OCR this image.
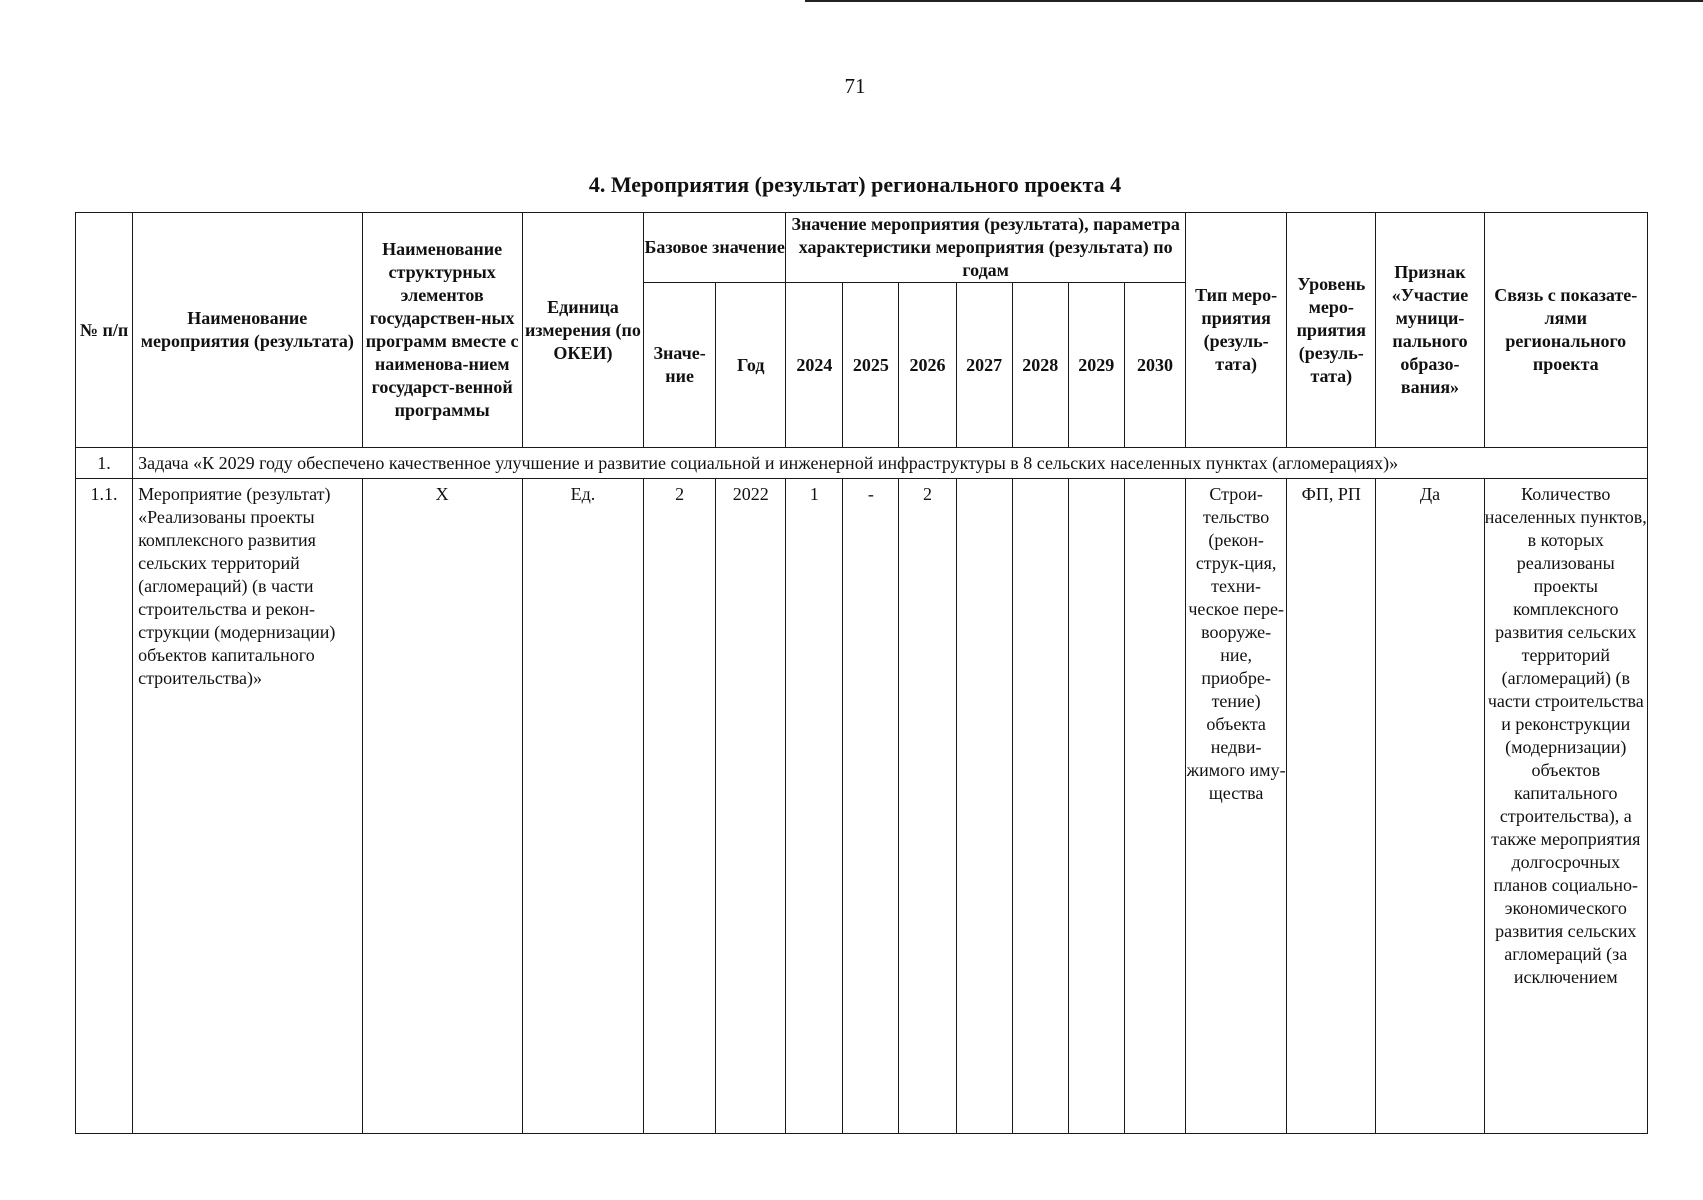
71
4. Мероприятия (результат) регионального проекта 4
№ п/п	Наименование мероприятия (результата)	Наименование структурных элементов государствен-ных программ вместе с наименова-нием государст-венной программы	Единица измерения (по ОКЕИ)	Базовое значение		Значение мероприятия (результата), параметра характеристики мероприятия (результата) по годам							Тип меро-приятия (резуль-тата)	Уровень меро-приятия (резуль-тата)	Признак «Участие муници-пального образо-вания»	Связь с показате-лями регионального проекта
				Значе-ние	Год	2024	2025	2026	2027	2028	2029	2030				
1.	Задача «К 2029 году обеспечено качественное улучшение и развитие социальной и инженерной инфраструктуры в 8 сельских населенных пунктах (агломерациях)»															
1.1.	Мероприятие (результат) «Реализованы проекты комплексного развития сельских территорий (агломераций) (в части строительства и рекон-струкции (модернизации) объектов капитального строительства)»	Х	Ед.	2	2022	1	-	2					Строи-тельство (рекон-струк-ция, техни-ческое пере-вооруже-ние, приобре-тение) объекта недви-жимого иму-щества	ФП, РП	Да	Количество населенных пунктов, в которых реализованы проекты комплексного развития сельских территорий (агломераций) (в части строительства и реконструкции (модернизации) объектов капитального строительства), а также мероприятия долгосрочных планов социально-экономического развития сельских агломераций (за исключением
